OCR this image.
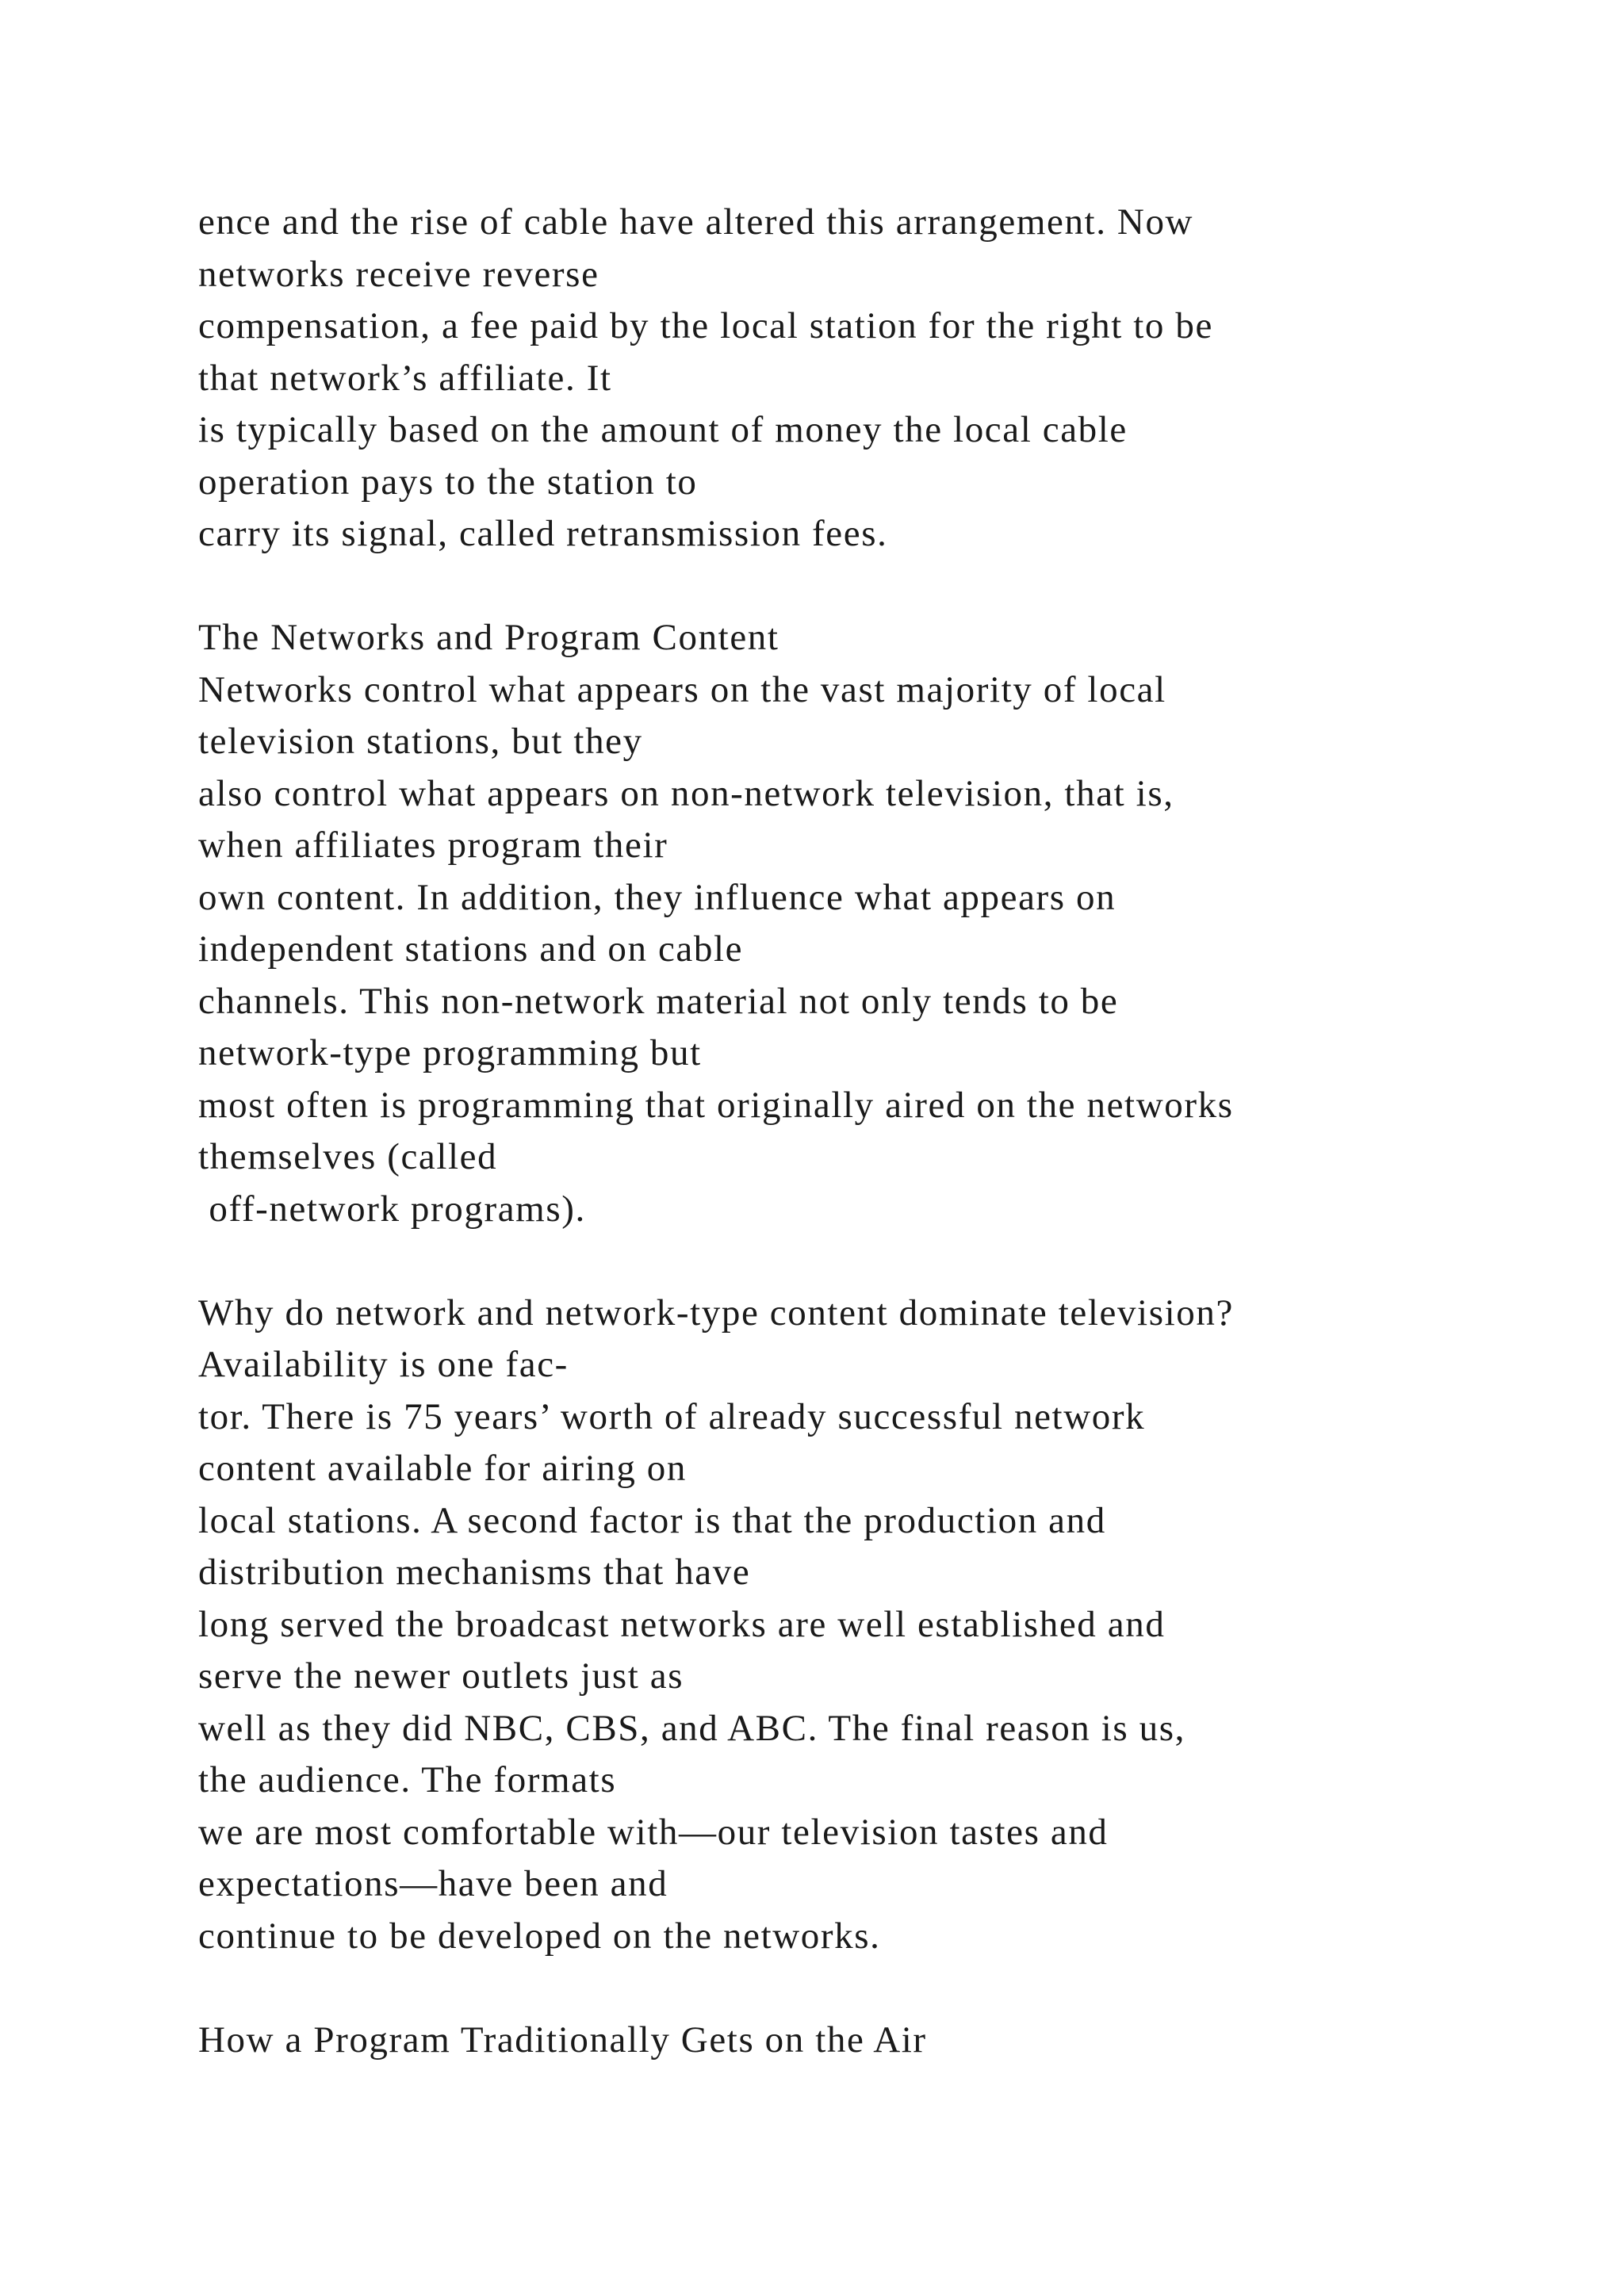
ence and the rise of cable have altered this arrangement. Now
networks receive reverse
compensation, a fee paid by the local station for the right to be
that network’s affiliate. It
is typically based on the amount of money the local cable
operation pays to the station to
carry its signal, called retransmission fees.
The Networks and Program Content
Networks control what appears on the vast majority of local
television stations, but they
also control what appears on non-network television, that is,
when affiliates program their
own content. In addition, they influence what appears on
independent stations and on cable
channels. This non-network material not only tends to be
network-type programming but
most often is programming that originally aired on the networks
themselves (called
off-network programs).
Why do network and network-type content dominate television?
Availability is one fac-
tor. There is 75 years’ worth of already successful network
content available for airing on
local stations. A second factor is that the production and
distribution mechanisms that have
long served the broadcast networks are well established and
serve the newer outlets just as
well as they did NBC, CBS, and ABC. The final reason is us,
the audience. The formats
we are most comfortable with—our television tastes and
expectations—have been and
continue to be developed on the networks.
How a Program Traditionally Gets on the Air
